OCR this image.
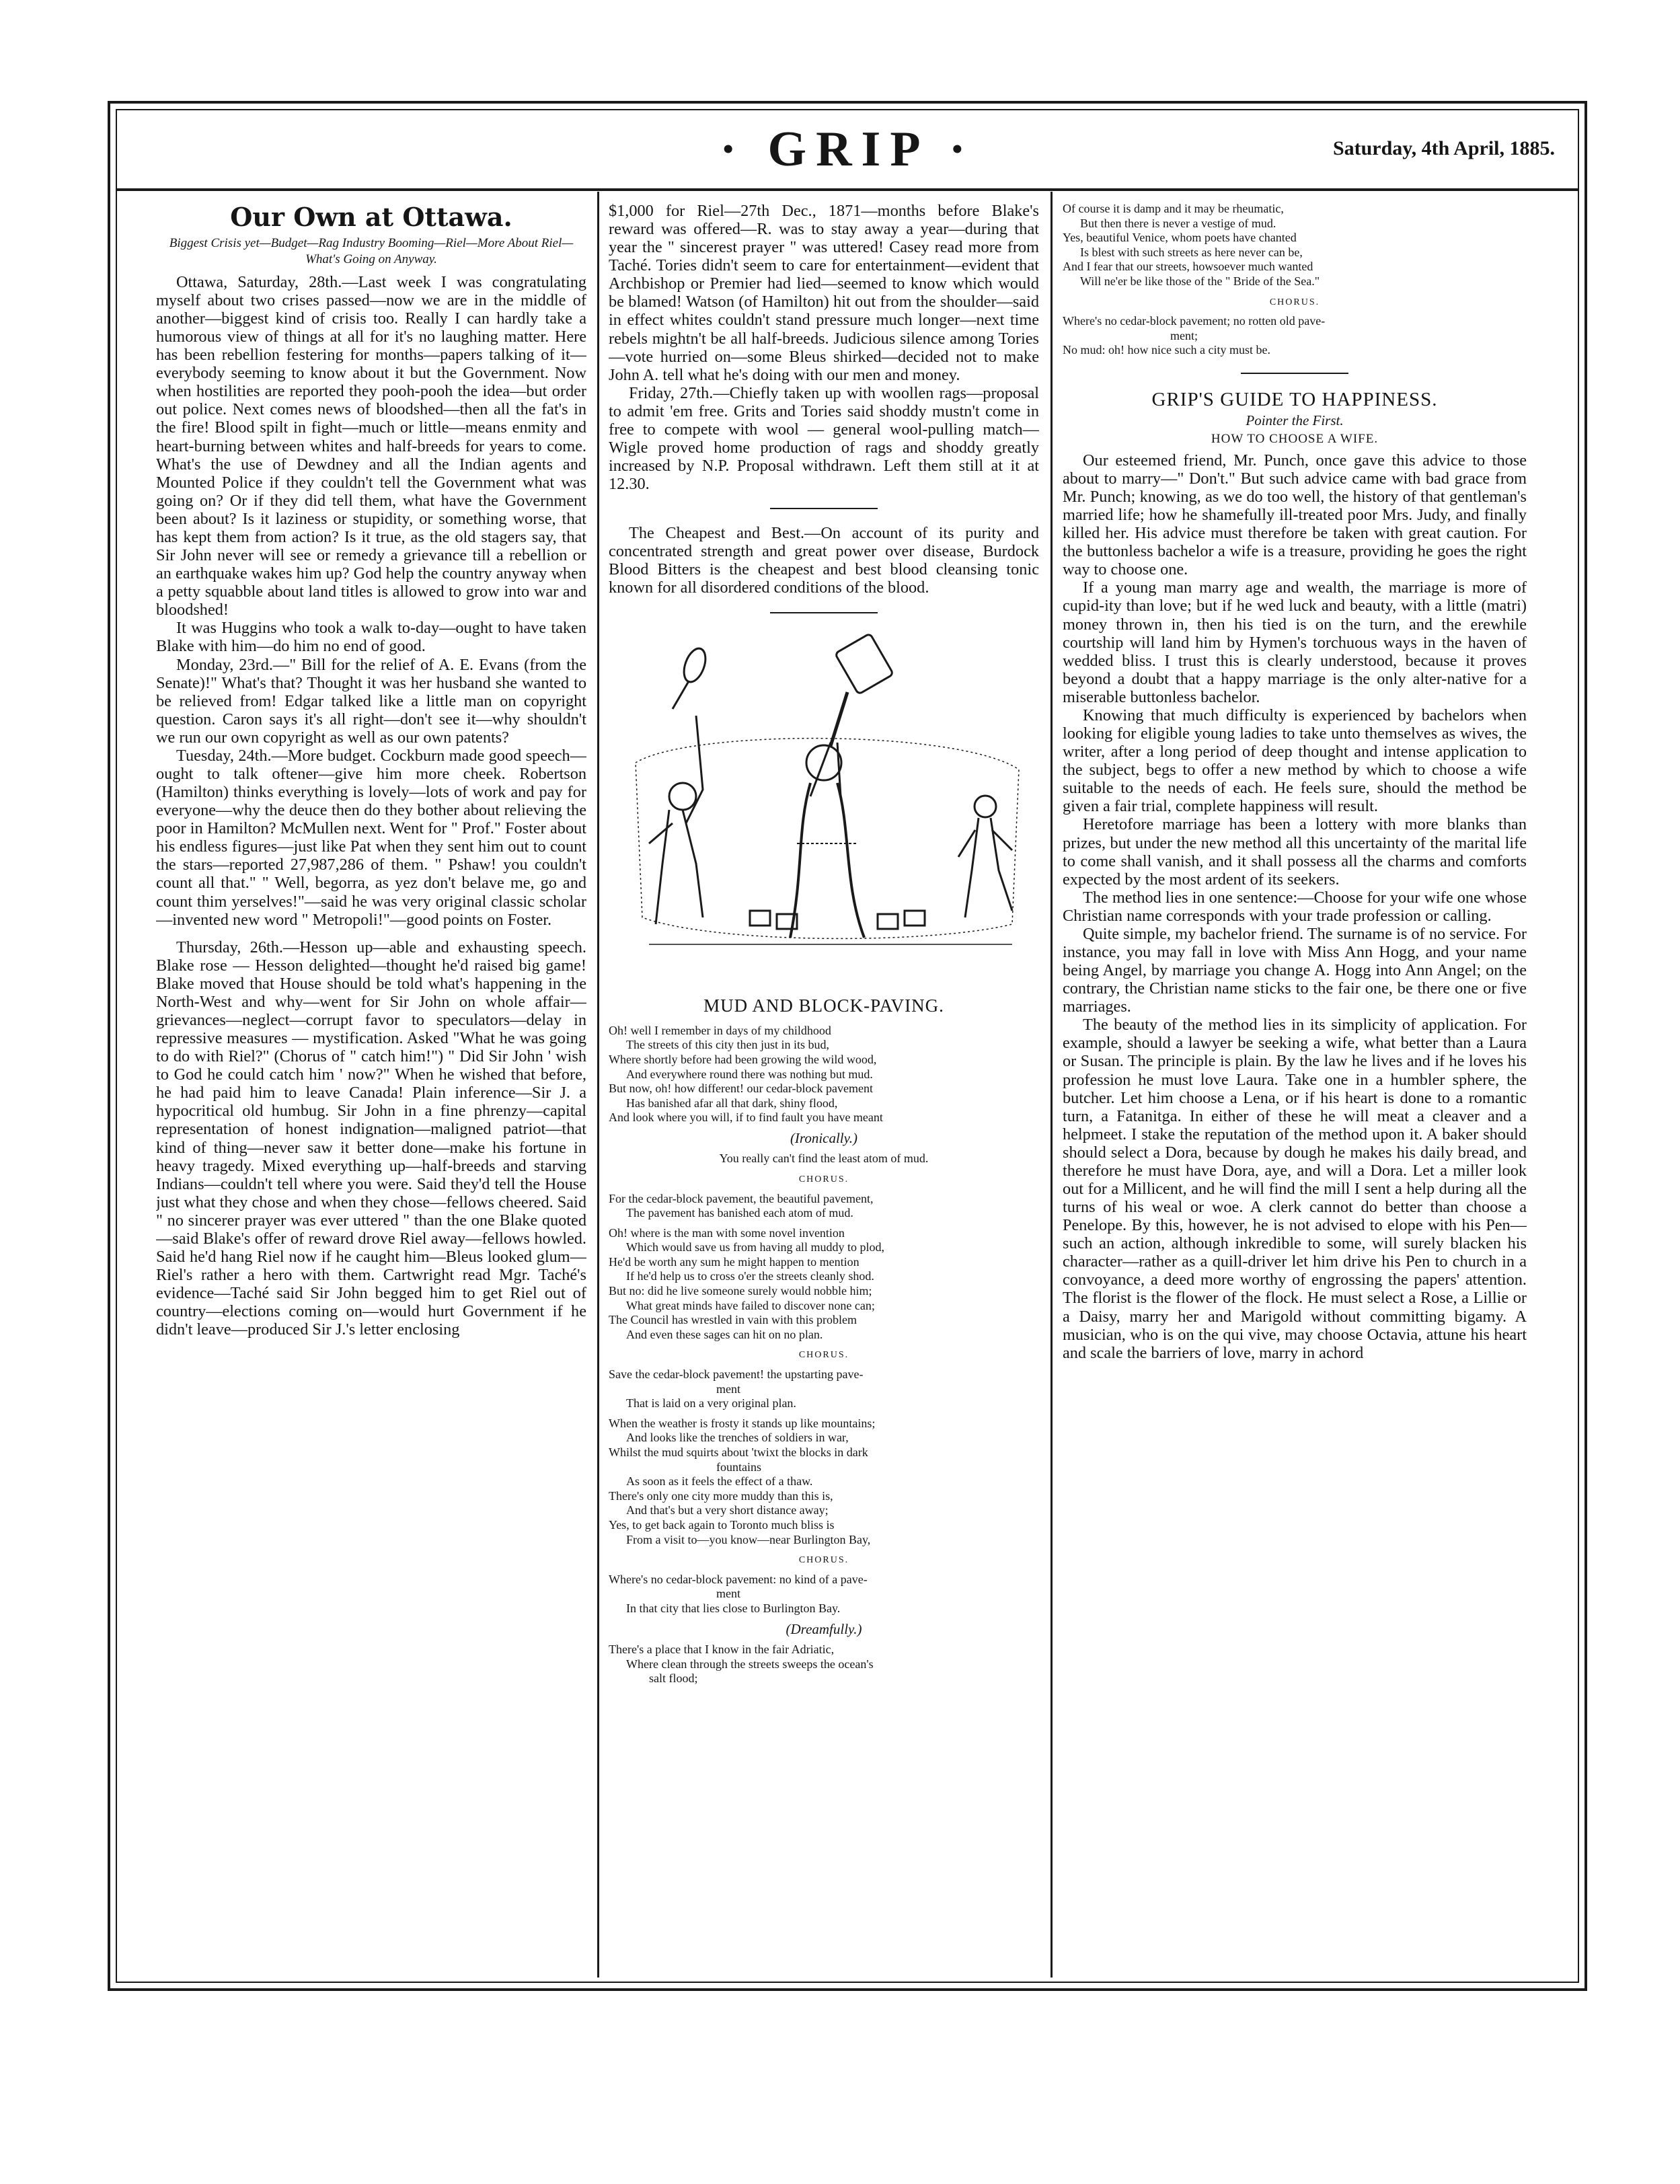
· GRIP ·	Saturday, 4th April, 1885.
Our Own at Ottawa.
Biggest Crisis yet—Budget—Rag Industry Booming—Riel—More About Riel—What's Going on Anyway.

Ottawa, Saturday, 28th.—Last week I was congratulating myself about two crises passed—now we are in the middle of another—biggest kind of crisis too. Really I can hardly take a humorous view of things at all for it's no laughing matter. Here has been rebellion festering for months—papers talking of it—everybody seeming to know about it but the Government. Now when hostilities are reported they pooh-pooh the idea—but order out police. Next comes news of bloodshed—then all the fat's in the fire! Blood spilt in fight—much or little—means enmity and heart-burning between whites and half-breeds for years to come. What's the use of Dewdney and all the Indian agents and Mounted Police if they couldn't tell the Government what was going on? Or if they did tell them, what have the Government been about? Is it laziness or stupidity, or something worse, that has kept them from action? Is it true, as the old stagers say, that Sir John never will see or remedy a grievance till a rebellion or an earthquake wakes him up? God help the country anyway when a petty squabble about land titles is allowed to grow into war and bloodshed!

It was Huggins who took a walk to-day—ought to have taken Blake with him—do him no end of good.

Monday, 23rd.—" Bill for the relief of A. E. Evans (from the Senate)!" What's that? Thought it was her husband she wanted to be relieved from! Edgar talked like a little man on copyright question. Caron says it's all right—don't see it—why shouldn't we run our own copyright as well as our own patents?

Tuesday, 24th.—More budget. Cockburn made good speech—ought to talk oftener—give him more cheek. Robertson (Hamilton) thinks everything is lovely—lots of work and pay for everyone—why the deuce then do they bother about relieving the poor in Hamilton? McMullen next. Went for " Prof." Foster about his endless figures—just like Pat when they sent him out to count the stars—reported 27,987,286 of them. " Pshaw! you couldn't count all that." " Well, begorra, as yez don't belave me, go and count thim yerselves!"—said he was very original classic scholar—invented new word " Metropoli!"—good points on Foster.

Thursday, 26th.—Hesson up—able and exhausting speech. Blake rose — Hesson delighted—thought he'd raised big game! Blake moved that House should be told what's happening in the North-West and why—went for Sir John on whole affair—grievances—neglect—corrupt favor to speculators—delay in repressive measures — mystification. Asked "What he was going to do with Riel?" (Chorus of " catch him!") " Did Sir John ' wish to God he could catch him ' now?" When he wished that before, he had paid him to leave Canada! Plain inference—Sir J. a hypocritical old humbug. Sir John in a fine phrenzy—capital representation of honest indignation—maligned patriot—that kind of thing—never saw it better done—make his fortune in heavy tragedy. Mixed everything up—half-breeds and starving Indians—couldn't tell where you were. Said they'd tell the House just what they chose and when they chose—fellows cheered. Said " no sincerer prayer was ever uttered " than the one Blake quoted—said Blake's offer of reward drove Riel away—fellows howled. Said he'd hang Riel now if he caught him—Bleus looked glum—Riel's rather a hero with them. Cartwright read Mgr. Taché's evidence—Taché said Sir John begged him to get Riel out of country—elections coming on—would hurt Government if he didn't leave—produced Sir J.'s letter enclosing

$1,000 for Riel—27th Dec., 1871—months before Blake's reward was offered—R. was to stay away a year—during that year the " sincerest prayer " was uttered! Casey read more from Taché. Tories didn't seem to care for entertainment—evident that Archbishop or Premier had lied—seemed to know which would be blamed! Watson (of Hamilton) hit out from the shoulder—said in effect whites couldn't stand pressure much longer—next time rebels mightn't be all half-breeds. Judicious silence among Tories—vote hurried on—some Bleus shirked—decided not to make John A. tell what he's doing with our men and money.

Friday, 27th.—Chiefly taken up with woollen rags—proposal to admit 'em free. Grits and Tories said shoddy mustn't come in free to compete with wool — general wool-pulling match—Wigle proved home production of rags and shoddy greatly increased by N.P. Proposal withdrawn. Left them still at it at 12.30.

The Cheapest and Best.—On account of its purity and concentrated strength and great power over disease, Burdock Blood Bitters is the cheapest and best blood cleansing tonic known for all disordered conditions of the blood.

MUD AND BLOCK-PAVING.
Oh! well I remember in days of my childhood
The streets of this city then just in its bud,
Where shortly before had been growing the wild wood,
And everywhere round there was nothing but mud.
But now, oh! how different! our cedar-block pavement
Has banished afar all that dark, shiny flood,
And look where you will, if to find fault you have meant
(Ironically.)
You really can't find the least atom of mud.
CHORUS.
For the cedar-block pavement, the beautiful pavement,
The pavement has banished each atom of mud.
Oh! where is the man with some novel invention
Which would save us from having all muddy to plod,
He'd be worth any sum he might happen to mention
If he'd help us to cross o'er the streets cleanly shod.
But no: did he live someone surely would nobble him;
What great minds have failed to discover none can;
The Council has wrestled in vain with this problem
And even these sages can hit on no plan.
CHORUS.
Save the cedar-block pavement! the upstarting pave-
ment
That is laid on a very original plan.
When the weather is frosty it stands up like mountains;
And looks like the trenches of soldiers in war,
Whilst the mud squirts about 'twixt the blocks in dark
fountains
As soon as it feels the effect of a thaw.
There's only one city more muddy than this is,
And that's but a very short distance away;
Yes, to get back again to Toronto much bliss is
From a visit to—you know—near Burlington Bay,
CHORUS.
Where's no cedar-block pavement: no kind of a pave-
ment
In that city that lies close to Burlington Bay.
(Dreamfully.)
There's a place that I know in the fair Adriatic,
Where clean through the streets sweeps the ocean's
salt flood;
Of course it is damp and it may be rheumatic,
But then there is never a vestige of mud.
Yes, beautiful Venice, whom poets have chanted
Is blest with such streets as here never can be,
And I fear that our streets, howsoever much wanted
Will ne'er be like those of the " Bride of the Sea."
CHORUS.
Where's no cedar-block pavement; no rotten old pave-
ment;
No mud: oh! how nice such a city must be.
GRIP'S GUIDE TO HAPPINESS.
Pointer the First.
HOW TO CHOOSE A WIFE.

Our esteemed friend, Mr. Punch, once gave this advice to those about to marry—" Don't." But such advice came with bad grace from Mr. Punch; knowing, as we do too well, the history of that gentleman's married life; how he shamefully ill-treated poor Mrs. Judy, and finally killed her. His advice must therefore be taken with great caution. For the buttonless bachelor a wife is a treasure, providing he goes the right way to choose one.

If a young man marry age and wealth, the marriage is more of cupid-ity than love; but if he wed luck and beauty, with a little (matri) money thrown in, then his tied is on the turn, and the erewhile courtship will land him by Hymen's torchuous ways in the haven of wedded bliss. I trust this is clearly understood, because it proves beyond a doubt that a happy marriage is the only alter-native for a miserable buttonless bachelor.

Knowing that much difficulty is experienced by bachelors when looking for eligible young ladies to take unto themselves as wives, the writer, after a long period of deep thought and intense application to the subject, begs to offer a new method by which to choose a wife suitable to the needs of each. He feels sure, should the method be given a fair trial, complete happiness will result.

Heretofore marriage has been a lottery with more blanks than prizes, but under the new method all this uncertainty of the marital life to come shall vanish, and it shall possess all the charms and comforts expected by the most ardent of its seekers.

The method lies in one sentence:—Choose for your wife one whose Christian name corresponds with your trade profession or calling.

Quite simple, my bachelor friend. The surname is of no service. For instance, you may fall in love with Miss Ann Hogg, and your name being Angel, by marriage you change A. Hogg into Ann Angel; on the contrary, the Christian name sticks to the fair one, be there one or five marriages.

The beauty of the method lies in its simplicity of application. For example, should a lawyer be seeking a wife, what better than a Laura or Susan. The principle is plain. By the law he lives and if he loves his profession he must love Laura. Take one in a humbler sphere, the butcher. Let him choose a Lena, or if his heart is done to a romantic turn, a Fatanitga. In either of these he will meat a cleaver and a helpmeet. I stake the reputation of the method upon it. A baker should should select a Dora, because by dough he makes his daily bread, and therefore he must have Dora, aye, and will a Dora. Let a miller look out for a Millicent, and he will find the mill I sent a help during all the turns of his weal or woe. A clerk cannot do better than choose a Penelope. By this, however, he is not advised to elope with his Pen—such an action, although inkredible to some, will surely blacken his character—rather as a quill-driver let him drive his Pen to church in a convoyance, a deed more worthy of engrossing the papers' attention. The florist is the flower of the flock. He must select a Rose, a Lillie or a Daisy, marry her and Marigold without committing bigamy. A musician, who is on the qui vive, may choose Octavia, attune his heart and scale the barriers of love, marry in achord
